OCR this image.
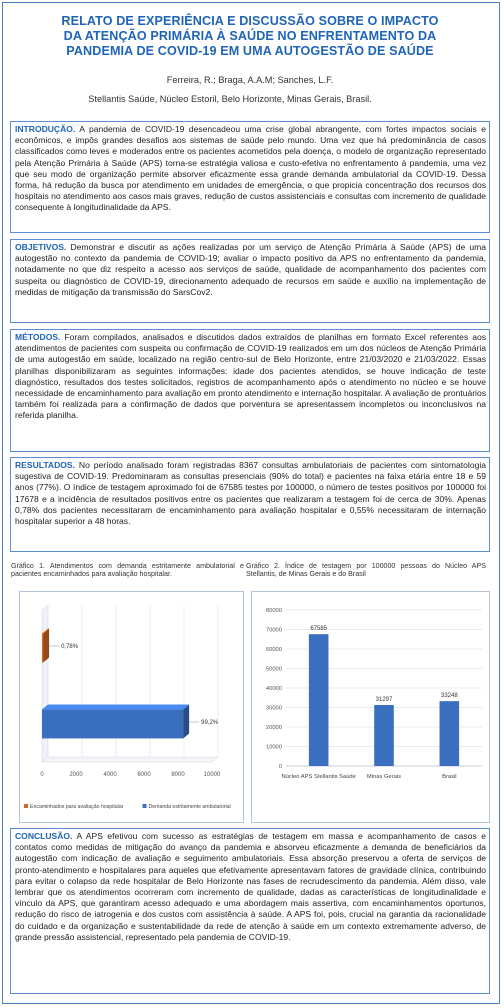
RELATO DE EXPERIÊNCIA E DISCUSSÃO SOBRE O IMPACTO
DA ATENÇÃO PRIMÁRIA À SAÚDE NO ENFRENTAMENTO DA
PANDEMIA DE COVID-19 EM UMA AUTOGESTÃO DE SAÚDE

Ferreira, R.; Braga, A.A.M; Sanches, L.F.

Stellantis Saúde, Núcleo Estoril, Belo Horizonte, Minas Gerais, Brasil.

INTRODUÇÃO. A pandemia de COVID-19 desencadeou uma crise global abrangente, com fortes impactos sociais e econômicos, e impôs grandes desafios aos sistemas de saúde pelo mundo. Uma vez que há predominância de casos classificados como leves e moderados entre os pacientes acometidos pela doença, o modelo de organização representado pela Atenção Primária à Saúde (APS) torna-se estratégia valiosa e custo-efetiva no enfrentamento à pandemia, uma vez que seu modo de organização permite absorver eficazmente essa grande demanda ambulatorial da COVID-19. Dessa forma, há redução da busca por atendimento em unidades de emergência, o que propicia concentração dos recursos dos hospitais no atendimento aos casos mais graves, redução de custos assistenciais e consultas com incremento de qualidade consequente à longitudinalidade da APS.

OBJETIVOS. Demonstrar e discutir as ações realizadas por um serviço de Atenção Primária à Saúde (APS) de uma autogestão no contexto da pandemia de COVID-19; avaliar o impacto positivo da APS no enfrentamento da pandemia, notadamente no que diz respeito a acesso aos serviços de saúde, qualidade de acompanhamento dos pacientes com suspeita ou diagnóstico de COVID-19, direcionamento adequado de recursos em saúde e auxílio na implementação de medidas de mitigação da transmissão do SarsCov2.

MÉTODOS. Foram compilados, analisados e discutidos dados extraídos de planilhas em formato Excel referentes aos atendimentos de pacientes com suspeita ou confirmação de COVID-19 realizados em um dos núcleos de Atenção Primária de uma autogestão em saúde, localizado na região centro-sul de Belo Horizonte, entre 21/03/2020 e 21/03/2022. Essas planilhas disponibilizaram as seguintes informações: idade dos pacientes atendidos, se houve indicação de teste diagnóstico, resultados dos testes solicitados, registros de acompanhamento após o atendimento no núcleo e se houve necessidade de encaminhamento para avaliação em pronto atendimento e internação hospitalar. A avaliação de prontuários também foi realizada para a confirmação de dados que porventura se apresentassem incompletos ou inconclusivos na referida planilha.

RESULTADOS. No período analisado foram registradas 8367 consultas ambulatoriais de pacientes com sintomatologia sugestiva de COVID-19. Predominaram as consultas presenciais (90% do total) e pacientes na faixa etária entre 18 e 59 anos (77%). O índice de testagem aproximado foi de 67585 testes por 100000, o número de testes positivos por 100000 foi 17678 e a incidência de resultados positivos entre os pacientes que realizaram a testagem foi de cerca de 30%. Apenas 0,78% dos pacientes necessitaram de encaminhamento para avaliação hospitalar e 0,55% necessitaram de internação hospitalar superior a 48 horas.

Gráfico 1. Atendimentos com demanda estritamente ambulatorial e pacientes encaminhados para avaliação hospitalar.
Gráfico 2. Índice de testagem por 100000 pessoas do Núcleo APS Stellantis, de Minas Gerais e do Brasil
0	2000	4000	6000	8000	10000
0,78%
99,2%
Encaminhados para avaliação hospitalar	Demanda estritamente ambulatorial
0
10000
20000
30000
40000
50000
60000
70000
80000
67585
Núcleo APS Stellantis Saúde
31297
Minas Gerais
33248
Brasil

CONCLUSÃO. A APS efetivou com sucesso as estratégias de testagem em massa e acompanhamento de casos e contatos como medidas de mitigação do avanço da pandemia e absorveu eficazmente a demanda de beneficiários da autogestão com indicação de avaliação e seguimento ambulatoriais. Essa absorção preservou a oferta de serviços de pronto-atendimento e hospitalares para aqueles que efetivamente apresentavam fatores de gravidade clínica, contribuindo para evitar o colapso da rede hospitalar de Belo Horizonte nas fases de recrudescimento da pandemia. Além disso, vale lembrar que os atendimentos ocorreram com incremento de qualidade, dadas as características de longitudinalidade e vínculo da APS, que garantiram acesso adequado e uma abordagem mais assertiva, com encaminhamentos oportunos, redução do risco de iatrogenia e dos custos com assistência à saúde. A APS foi, pois, crucial na garantia da racionalidade do cuidado e da organização e sustentabilidade da rede de atenção à saúde em um contexto extremamente adverso, de grande pressão assistencial, representado pela pandemia de COVID-19.
